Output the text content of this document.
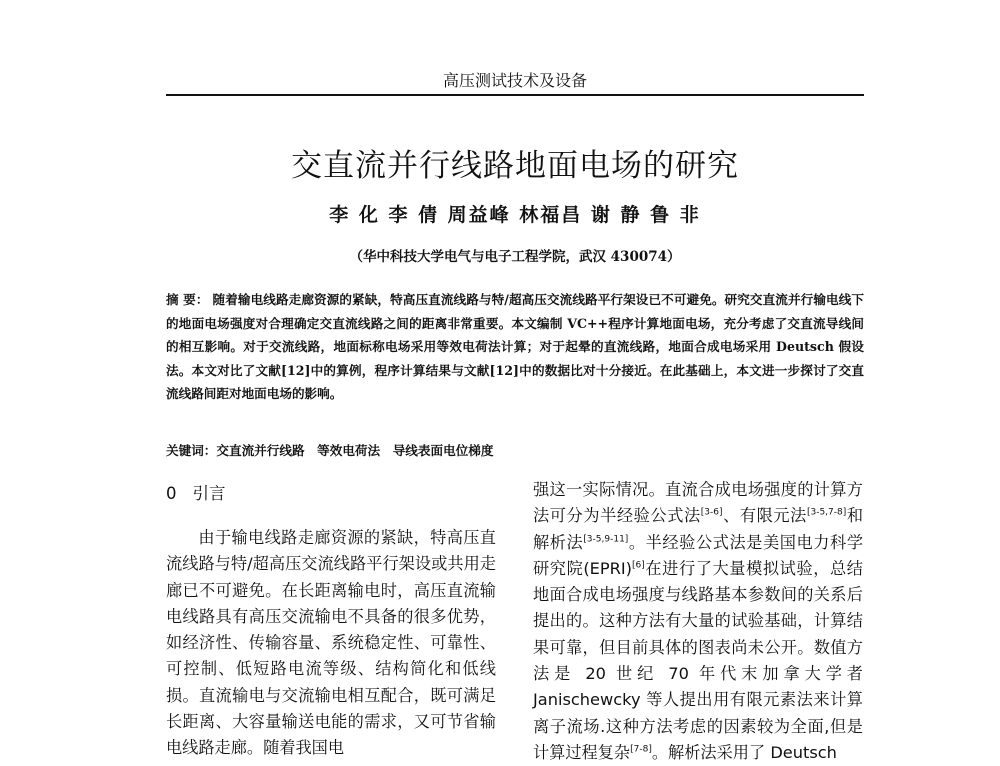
高压测试技术及设备
交直流并行线路地面电场的研究
李 化 李 倩 周益峰 林福昌 谢 静 鲁 非
（华中科技大学电气与电子工程学院，武汉 430074）
摘 要： 随着输电线路走廊资源的紧缺，特高压直流线路与特/超高压交流线路平行架设已不可避免。研究交直流并行输电线下的地面电场强度对合理确定交直流线路之间的距离非常重要。本文编制 VC++程序计算地面电场，充分考虑了交直流导线间的相互影响。对于交流线路，地面标称电场采用等效电荷法计算；对于起晕的直流线路，地面合成电场采用 Deutsch 假设法。本文对比了文献[12]中的算例，程序计算结果与文献[12]中的数据比对十分接近。在此基础上，本文进一步探讨了交直流线路间距对地面电场的影响。
关键词：交直流并行线路　等效电荷法　导线表面电位梯度
0 引言

由于输电线路走廊资源的紧缺，特高压直流线路与特/超高压交流线路平行架设或共用走廊已不可避免。在长距离输电时，高压直流输电线路具有高压交流输电不具备的很多优势，如经济性、传输容量、系统稳定性、可靠性、可控制、低短路电流等级、结构简化和低线损。直流输电与交流输电相互配合，既可满足长距离、大容量输送电能的需求，又可节省输电线路走廊。随着我国电

强这一实际情况。直流合成电场强度的计算方法可分为半经验公式法[3-6]、有限元法[3-5,7-8]和解析法[3-5,9-11]。半经验公式法是美国电力科学研究院(EPRI)[6]在进行了大量模拟试验，总结地面合成电场强度与线路基本参数间的关系后提出的。这种方法有大量的试验基础，计算结果可靠，但目前具体的图表尚未公开。数值方法是 20 世纪 70 年代末加拿大学者 Janischewcky 等人提出用有限元素法来计算离子流场.这种方法考虑的因素较为全面,但是计算过程复杂[7-8]。解析法采用了 Deutsch
